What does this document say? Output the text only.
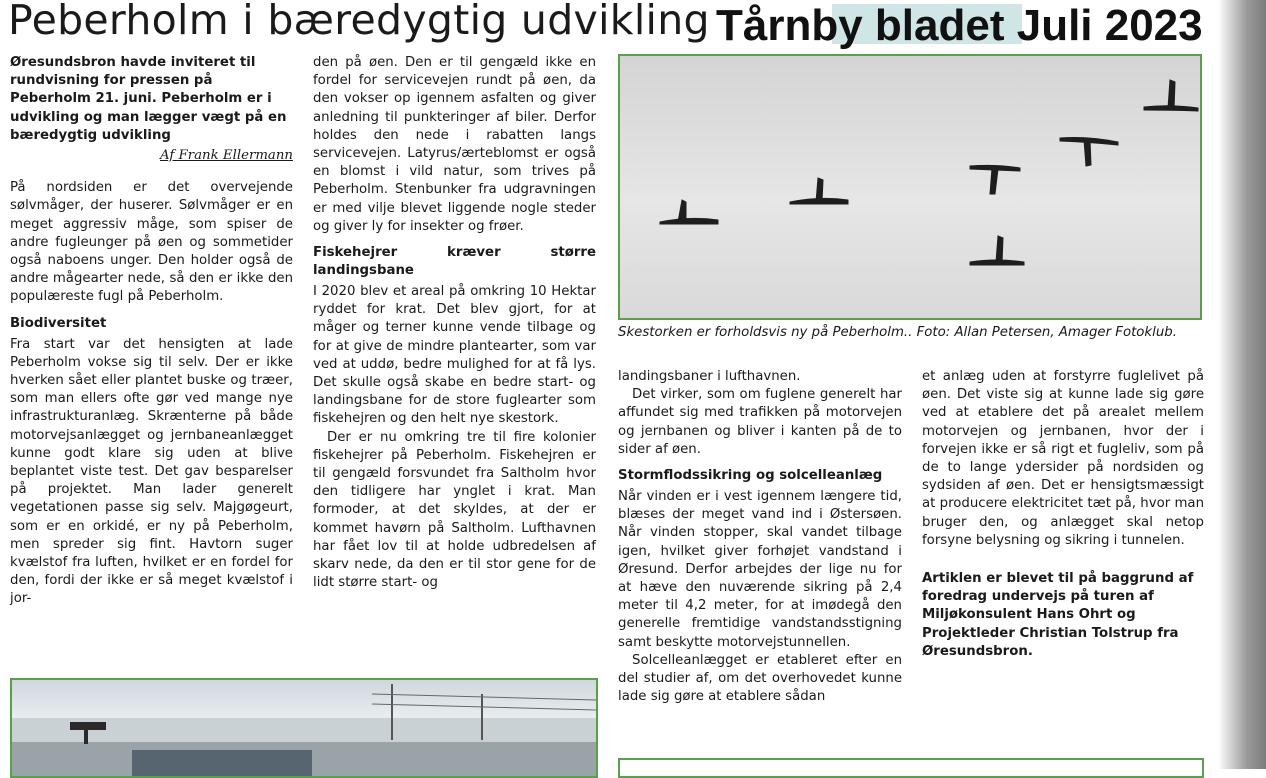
Peberholm i bæredygtig udvikling Tårnby bladet Juli 2023

Øresundsbron havde inviteret til rundvisning for pressen på Peberholm 21. juni. Peberholm er i udvikling og man lægger vægt på en bæredygtig udvikling

Af Frank Ellermann

På nordsiden er det overvejende sølvmåger, der huserer. Sølvmåger er en meget aggressiv måge, som spiser de andre fugleunger på øen og sommetider også naboens unger. Den holder også de andre mågearter nede, så den er ikke den populæreste fugl på Peberholm.

Biodiversitet

Fra start var det hensigten at lade Peberholm vokse sig til selv. Der er ikke hverken sået eller plantet buske og træer, som man ellers ofte gør ved mange nye infrastrukturanlæg. Skrænterne på både motorvejsanlægget og jernbaneanlægget kunne godt klare sig uden at blive beplantet viste test. Det gav besparelser på projektet. Man lader generelt vegetationen passe sig selv. Majgøgeurt, som er en orkidé, er ny på Peberholm, men spreder sig fint. Havtorn suger kvælstof fra luften, hvilket er en fordel for den, fordi der ikke er så meget kvælstof i jor-

den på øen. Den er til gengæld ikke en fordel for servicevejen rundt på øen, da den vokser op igennem asfalten og giver anledning til punkteringer af biler. Derfor holdes den nede i rabatten langs servicevejen. Latyrus/ærteblomst er også en blomst i vild natur, som trives på Peberholm. Stenbunker fra udgravningen er med vilje blevet liggende nogle steder og giver ly for insekter og frøer.

Fiskehejrer kræver større landingsbane

I 2020 blev et areal på omkring 10 Hektar ryddet for krat. Det blev gjort, for at måger og terner kunne vende tilbage og for at give de mindre plantearter, som var ved at uddø, bedre mulighed for at få lys. Det skulle også skabe en bedre start- og landingsbane for de store fuglearter som fiskehejren og den helt nye skestork.

Der er nu omkring tre til fire kolonier fiskehejrer på Peberholm. Fiskehejren er til gengæld forsvundet fra Saltholm hvor den tidligere har ynglet i krat. Man formoder, at det skyldes, at der er kommet havørn på Saltholm. Lufthavnen har fået lov til at holde udbredelsen af skarv nede, da den er til stor gene for de lidt større start- og

Skestorken er forholdsvis ny på Peberholm.. Foto: Allan Petersen, Amager Fotoklub.

landingsbaner i lufthavnen.

Det virker, som om fuglene generelt har affundet sig med trafikken på motorvejen og jernbanen og bliver i kanten på de to sider af øen.

Stormflodssikring og solcelleanlæg

Når vinden er i vest igennem længere tid, blæses der meget vand ind i Østersøen. Når vinden stopper, skal vandet tilbage igen, hvilket giver forhøjet vandstand i Øresund. Derfor arbejdes der lige nu for at hæve den nuværende sikring på 2,4 meter til 4,2 meter, for at imødegå den generelle fremtidige vandstandsstigning samt beskytte motorvejstunnellen.

Solcelleanlægget er etableret efter en del studier af, om det overhovedet kunne lade sig gøre at etablere sådan

et anlæg uden at forstyrre fuglelivet på øen. Det viste sig at kunne lade sig gøre ved at etablere det på arealet mellem motorvejen og jernbanen, hvor der i forvejen ikke er så rigt et fugleliv, som på de to lange ydersider på nordsiden og sydsiden af øen. Det er hensigtsmæssigt at producere elektricitet tæt på, hvor man bruger den, og anlægget skal netop forsyne belysning og sikring i tunnelen.

Artiklen er blevet til på baggrund af foredrag undervejs på turen af Miljøkonsulent Hans Ohrt og Projektleder Christian Tolstrup fra Øresundsbron.
